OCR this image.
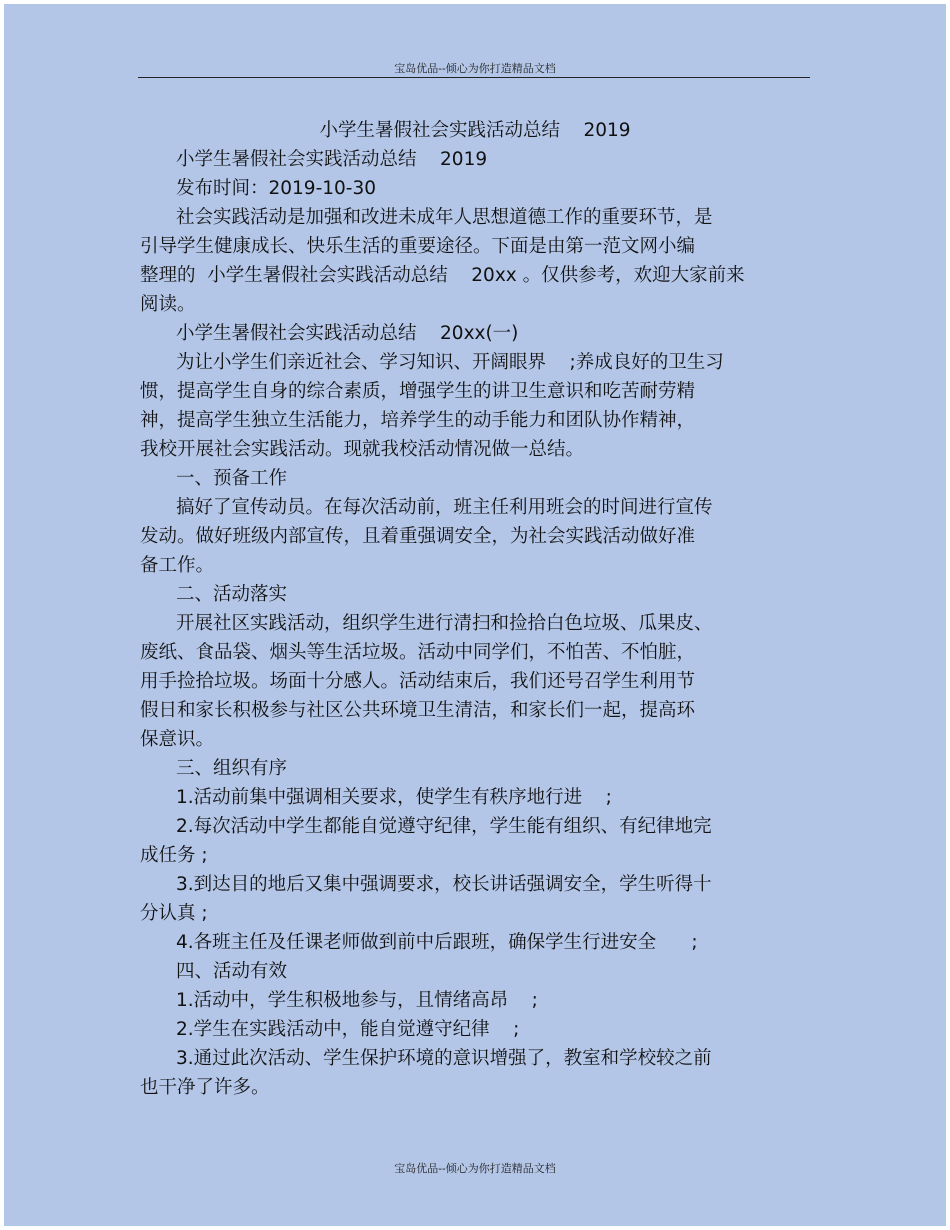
宝岛优品--倾心为你打造精品文档
小学生暑假社会实践活动总结    2019
小学生暑假社会实践活动总结    2019
发布时间：2019-10-30
社会实践活动是加强和改进未成年人思想道德工作的重要环节，是
引导学生健康成长、快乐生活的重要途径。下面是由第一范文网小编
整理的  小学生暑假社会实践活动总结    20xx 。仅供参考，欢迎大家前来
阅读。
小学生暑假社会实践活动总结    20xx(一)
为让小学生们亲近社会、学习知识、开阔眼界    ;养成良好的卫生习
惯，提高学生自身的综合素质，增强学生的讲卫生意识和吃苦耐劳精
神，提高学生独立生活能力，培养学生的动手能力和团队协作精神，
我校开展社会实践活动。现就我校活动情况做一总结。
一、预备工作
搞好了宣传动员。在每次活动前，班主任利用班会的时间进行宣传
发动。做好班级内部宣传，且着重强调安全，为社会实践活动做好准
备工作。
二、活动落实
开展社区实践活动，组织学生进行清扫和捡拾白色垃圾、瓜果皮、
废纸、食品袋、烟头等生活垃圾。活动中同学们，不怕苦、不怕脏，
用手捡拾垃圾。场面十分感人。活动结束后，我们还号召学生利用节
假日和家长积极参与社区公共环境卫生清洁，和家长们一起，提高环
保意识。
三、组织有序
1.活动前集中强调相关要求，使学生有秩序地行进    ;
2.每次活动中学生都能自觉遵守纪律，学生能有组织、有纪律地完
成任务 ;
3.到达目的地后又集中强调要求，校长讲话强调安全，学生听得十
分认真 ;
4.各班主任及任课老师做到前中后跟班，确保学生行进安全      ;
四、活动有效
1.活动中，学生积极地参与，且情绪高昂    ;
2.学生在实践活动中，能自觉遵守纪律    ;
3.通过此次活动、学生保护环境的意识增强了，教室和学校较之前
也干净了许多。
宝岛优品--倾心为你打造精品文档
